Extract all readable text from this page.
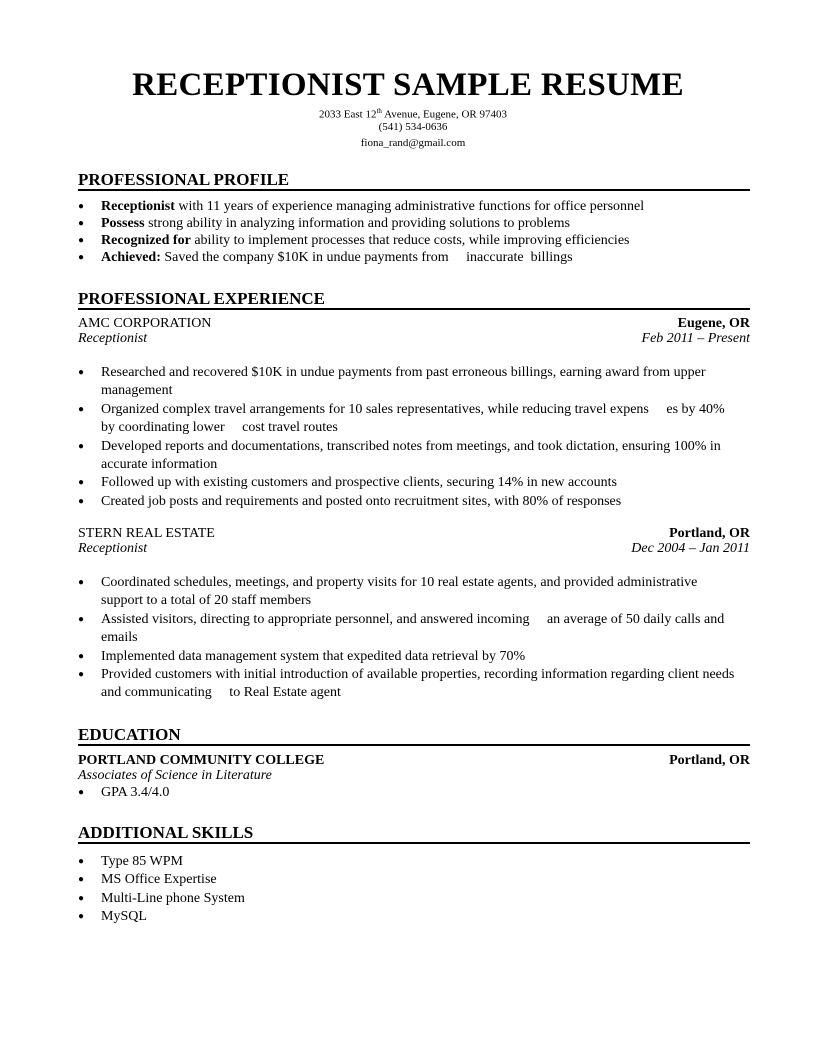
RECEPTIONIST SAMPLE RESUME
2033 East 12th Avenue, Eugene, OR 97403
(541) 534-0636
fiona_rand@gmail.com
PROFESSIONAL PROFILE
● Receptionist with 11 years of experience managing administrative functions for office personnel
● Possess strong ability in analyzing information and providing solutions to problems
● Recognized for ability to implement processes that reduce costs, while improving efficiencies
● Achieved: Saved the company $10K in undue payments from     inaccurate  billings
PROFESSIONAL EXPERIENCE
AMC CORPORATION	Eugene, OR
Receptionist	Feb 2011 – Present
● Researched and recovered $10K in undue payments from past erroneous billings, earning award from upper management
● Organized complex travel arrangements for 10 sales representatives, while reducing travel expens     es by 40% by coordinating lower     cost travel routes
● Developed reports and documentations, transcribed notes from meetings, and took dictation, ensuring 100% in accurate information
● Followed up with existing customers and prospective clients, securing 14% in new accounts
● Created job posts and requirements and posted onto recruitment sites, with 80% of responses
STERN REAL ESTATE	Portland, OR
Receptionist	Dec 2004 – Jan 2011
● Coordinated schedules, meetings, and property visits for 10 real estate agents, and provided administrative support to a total of 20 staff members
● Assisted visitors, directing to appropriate personnel, and answered incoming     an average of 50 daily calls and emails
● Implemented data management system that expedited data retrieval by 70%
● Provided customers with initial introduction of available properties, recording information regarding client needs and communicating     to Real Estate agent
EDUCATION
PORTLAND COMMUNITY COLLEGE	Portland, OR
Associates of Science in Literature
● GPA 3.4/4.0
ADDITIONAL SKILLS
● Type 85 WPM
● MS Office Expertise
● Multi-Line phone System
● MySQL
